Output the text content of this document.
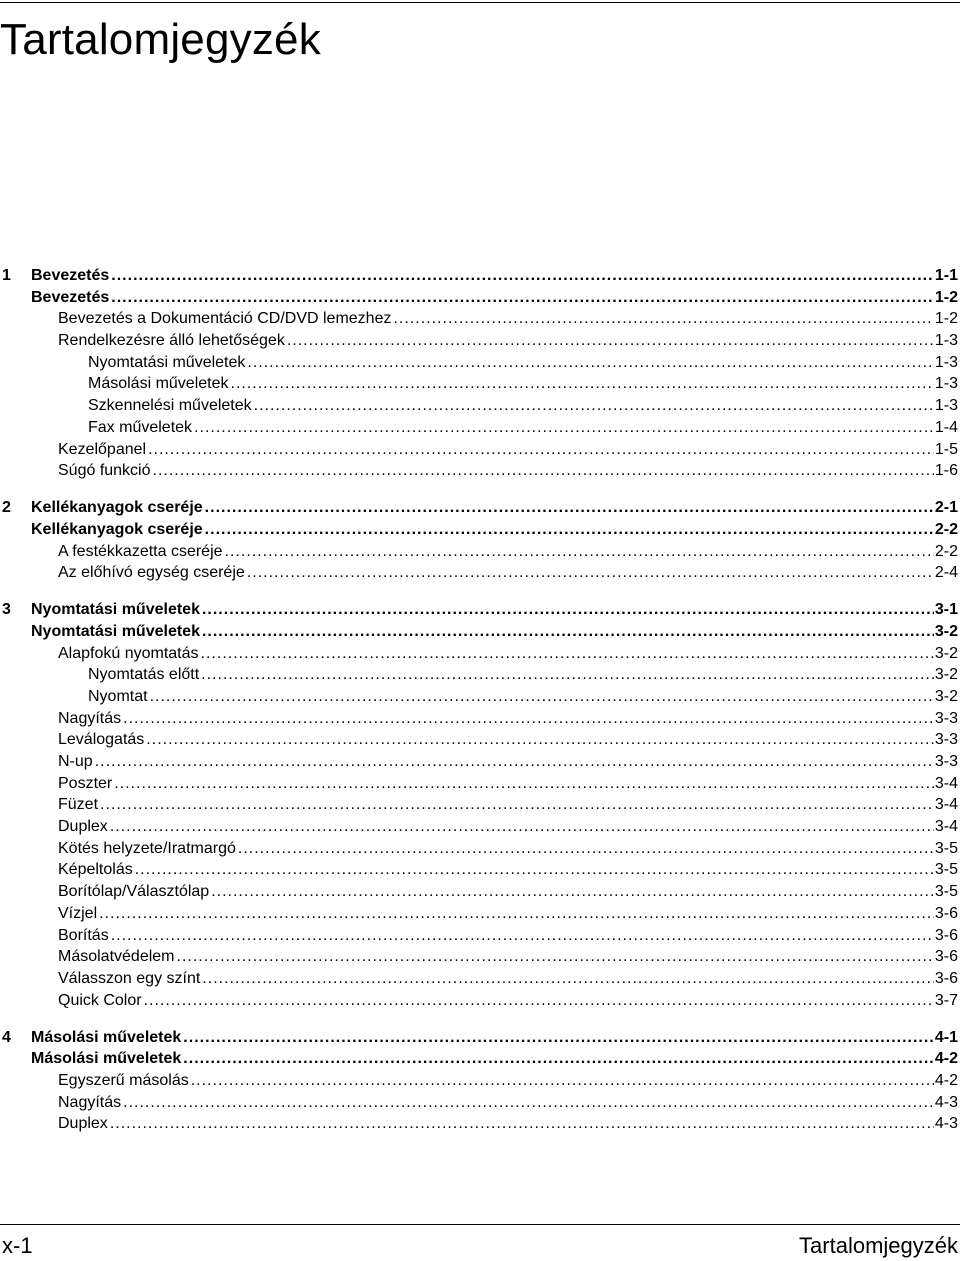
Tartalomjegyzék
1 Bevezetés .....	1-1
Bevezetés .....	1-2
Bevezetés a Dokumentáció CD/DVD lemezhez .....	1-2
Rendelkezésre álló lehetőségek .....	1-3
Nyomtatási műveletek .....	1-3
Másolási műveletek .....	1-3
Szkennelési műveletek .....	1-3
Fax műveletek .....	1-4
Kezelőpanel .....	1-5
Súgó funkció .....	1-6
2 Kellékanyagok cseréje .....	2-1
Kellékanyagok cseréje .....	2-2
A festékkazetta cseréje .....	2-2
Az előhívó egység cseréje .....	2-4
3 Nyomtatási műveletek .....	3-1
Nyomtatási műveletek .....	3-2
Alapfokú nyomtatás .....	3-2
Nyomtatás előtt .....	3-2
Nyomtat .....	3-2
Nagyítás .....	3-3
Leválogatás .....	3-3
N-up .....	3-3
Poszter .....	3-4
Füzet .....	3-4
Duplex .....	3-4
Kötés helyzete/Iratmargó .....	3-5
Képeltolás .....	3-5
Borítólap/Választólap .....	3-5
Vízjel .....	3-6
Borítás .....	3-6
Másolatvédelem .....	3-6
Válasszon egy színt .....	3-6
Quick Color .....	3-7
4 Másolási műveletek .....	4-1
Másolási műveletek .....	4-2
Egyszerű másolás .....	4-2
Nagyítás .....	4-3
Duplex .....	4-3
x-1	Tartalomjegyzék
